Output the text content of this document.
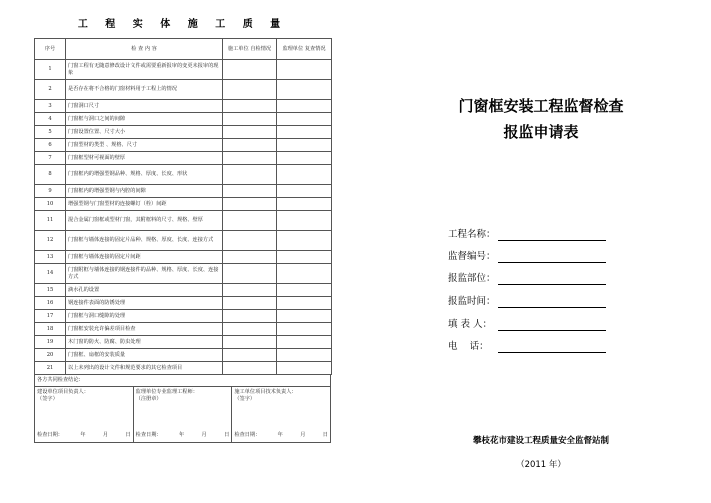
工 程 实 体 施 工 质 量
序号	检 查 内 容	施工单位 自检情况	监理单位 复查情况
1	门窗工程有无随意修改设计文件或需要重新报审的变更未报审的现象		
2	是否存在将不合格的门窗材料用于工程上的情况		
3	门窗洞口尺寸		
4	门窗框与洞口之间的间隙		
5	门窗设置位置、尺寸大小		
6	门窗型材的类型 、规格、尺寸		
7	门窗框型材可视面的壁厚		
8	门窗框内的增强型钢品种、规格、厚度、长度、形状		
9	门窗框内的增强型钢与内腔的间隙		
10	增强型钢与门窗型材的连接螺钉（栓）间距		
11	混合金属门窗框或型材门窗，其附框料的尺寸、规格、壁厚		
12	门窗框与墙体连接的固定片品种、规格、厚度、长度、连接方式		
13	门窗框与墙体连接的固定片间距		
14	门窗附框与墙体连接的钢连接件的品种、规格、厚度、长度、连接方式		
15	滴水孔的设置		
16	钢连接件表面的防锈处理		
17	门窗框与洞口缝隙的处理		
18	门窗框安装允许偏差项目检查		
19	木门窗的防火、防腐、防虫处理		
20	门窗框、扇框的安装质量		
21	以上未列出的设计文件和规范要求的其它检查项目		
各方共同检查结论：
建设单位项目负责人：
（签字）
检查日期：	年	月	日
监理单位专业监理工程师：
（注册章）
检查日期：	年	月	日
施工单位项目技术负责人：
（签字）
检查日期：	年	月	日
门窗框安装工程监督检查
报监申请表
工程名称：
监督编号：
报监部位：
报监时间：
填 表 人：
电    话：
攀枝花市建设工程质量安全监督站制
（2011 年）
